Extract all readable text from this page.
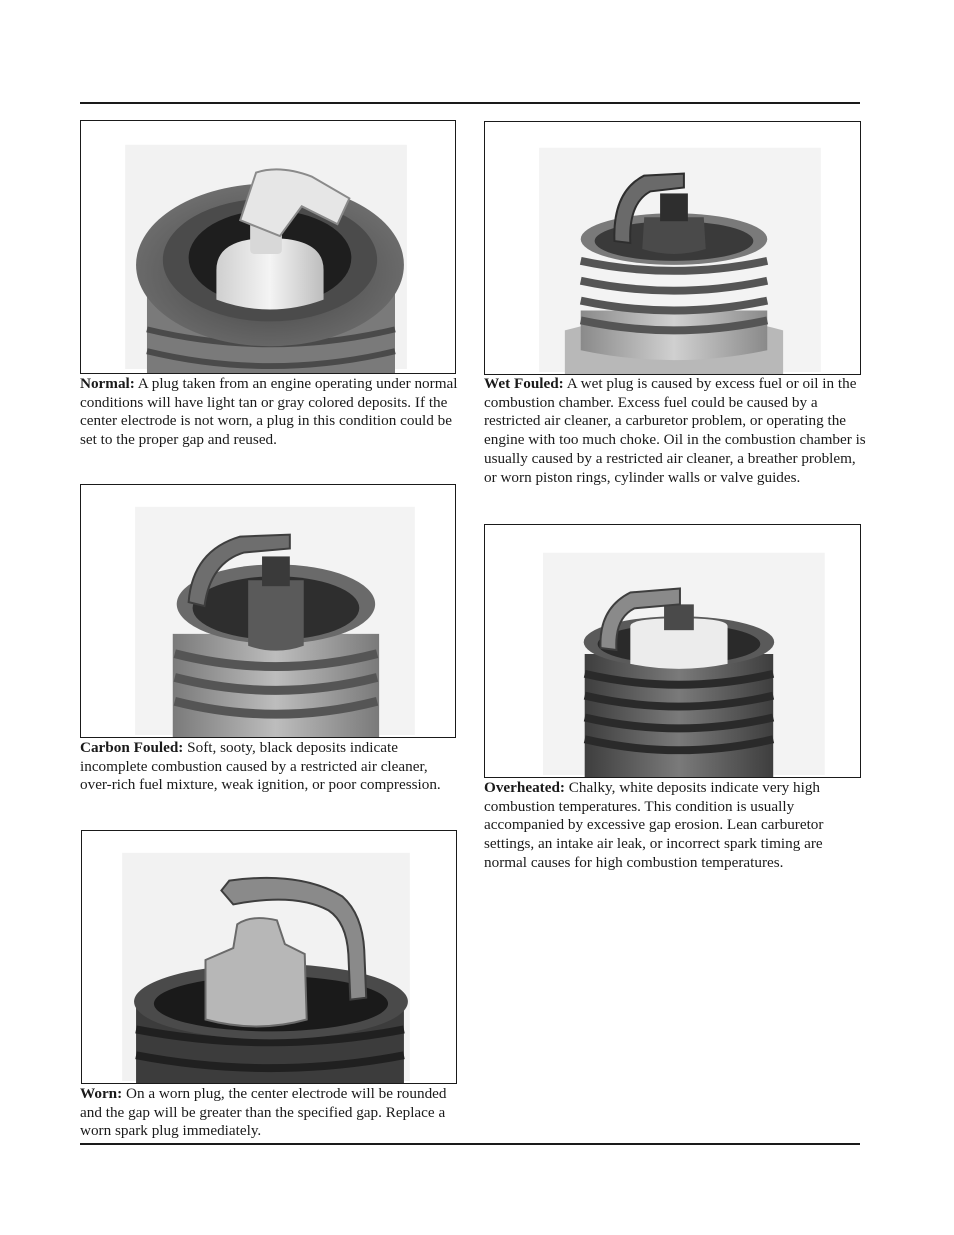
Normal: A plug taken from an engine operating under normal conditions will have light tan or gray colored deposits. If the center electrode is not worn, a plug in this condition could be set to the proper gap and reused.

Carbon Fouled: Soft, sooty, black deposits indicate incomplete combustion caused by a restricted air cleaner, over-rich fuel mixture, weak ignition, or poor compression.

Worn: On a worn plug, the center electrode will be rounded and the gap will be greater than the specified gap. Replace a worn spark plug immediately.

Wet Fouled: A wet plug is caused by excess fuel or oil in the combustion chamber. Excess fuel could be caused by a restricted air cleaner, a carburetor problem, or operating the engine with too much choke. Oil in the combustion chamber is usually caused by a restricted air cleaner, a breather problem, or worn piston rings, cylinder walls or valve guides.

Overheated: Chalky, white deposits indicate very high combustion temperatures. This condition is usually accompanied by excessive gap erosion. Lean carburetor settings, an intake air leak, or incorrect spark timing are normal causes for high combustion temperatures.
